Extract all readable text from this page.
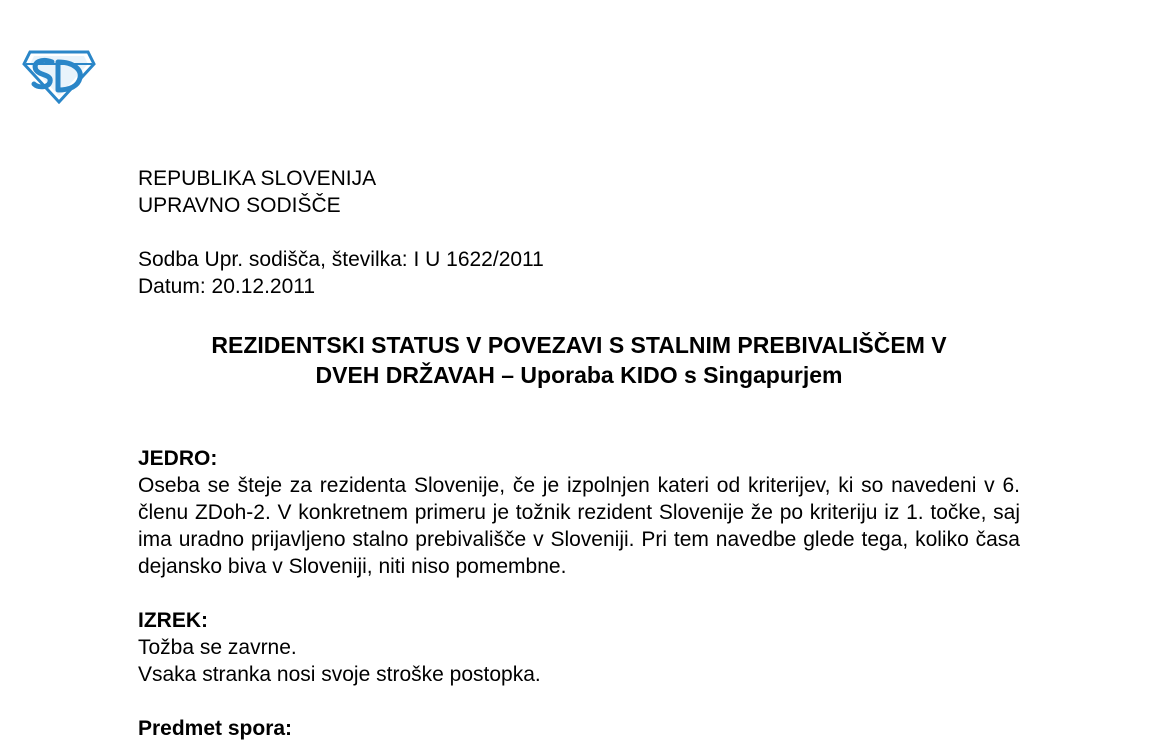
REPUBLIKA SLOVENIJA
UPRAVNO SODIŠČE
Sodba Upr. sodišča, številka: I U 1622/2011
Datum: 20.12.2011
REZIDENTSKI STATUS V POVEZAVI S STALNIM PREBIVALIŠČEM V
DVEH DRŽAVAH – Uporaba KIDO s Singapurjem
JEDRO:
Oseba se šteje za rezidenta Slovenije, če je izpolnjen kateri od kriterijev, ki so navedeni v 6. členu ZDoh-2. V konkretnem primeru je tožnik rezident Slovenije že po kriteriju iz 1. točke, saj ima uradno prijavljeno stalno prebivališče v Sloveniji. Pri tem navedbe glede tega, koliko časa dejansko biva v Sloveniji, niti niso pomembne.
IZREK:
Tožba se zavrne.
Vsaka stranka nosi svoje stroške postopka.
Predmet spora:
